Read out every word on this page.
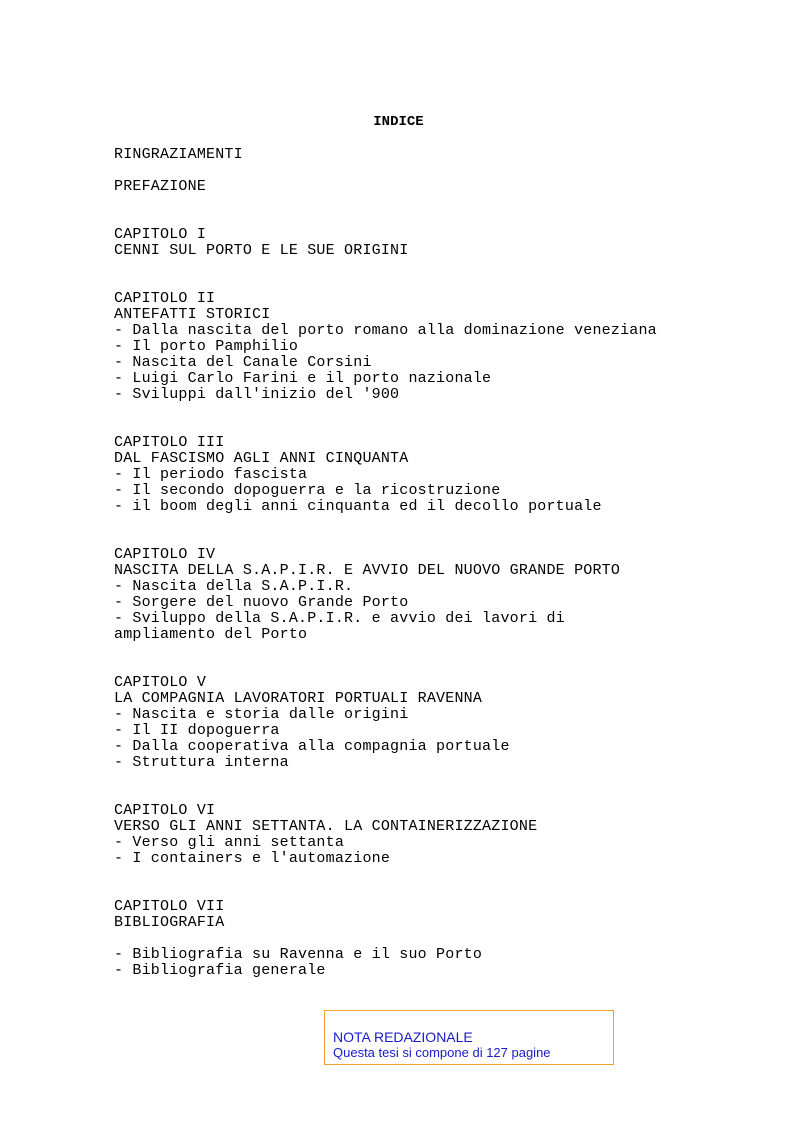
INDICE
RINGRAZIAMENTI
PREFAZIONE
CAPITOLO I
CENNI SUL PORTO E LE SUE ORIGINI
CAPITOLO II
ANTEFATTI STORICI
- Dalla nascita del porto romano alla dominazione veneziana
- Il porto Pamphilio
- Nascita del Canale Corsini
- Luigi Carlo Farini e il porto nazionale
- Sviluppi dall'inizio del '900
CAPITOLO III
DAL FASCISMO AGLI ANNI CINQUANTA
- Il periodo fascista
- Il secondo dopoguerra e la ricostruzione
- il boom degli anni cinquanta ed il decollo portuale
CAPITOLO IV
NASCITA DELLA S.A.P.I.R. E AVVIO DEL NUOVO GRANDE PORTO
- Nascita della S.A.P.I.R.
- Sorgere del nuovo Grande Porto
- Sviluppo della S.A.P.I.R. e avvio dei lavori di
ampliamento del Porto
CAPITOLO V
LA COMPAGNIA LAVORATORI PORTUALI RAVENNA
- Nascita e storia dalle origini
- Il II dopoguerra
- Dalla cooperativa alla compagnia portuale
- Struttura interna
CAPITOLO VI
VERSO GLI ANNI SETTANTA. LA CONTAINERIZZAZIONE
- Verso gli anni settanta
- I containers e l'automazione
CAPITOLO VII
BIBLIOGRAFIA
- Bibliografia su Ravenna e il suo Porto
- Bibliografia generale
NOTA REDAZIONALE
Questa tesi si compone di 127 pagine
